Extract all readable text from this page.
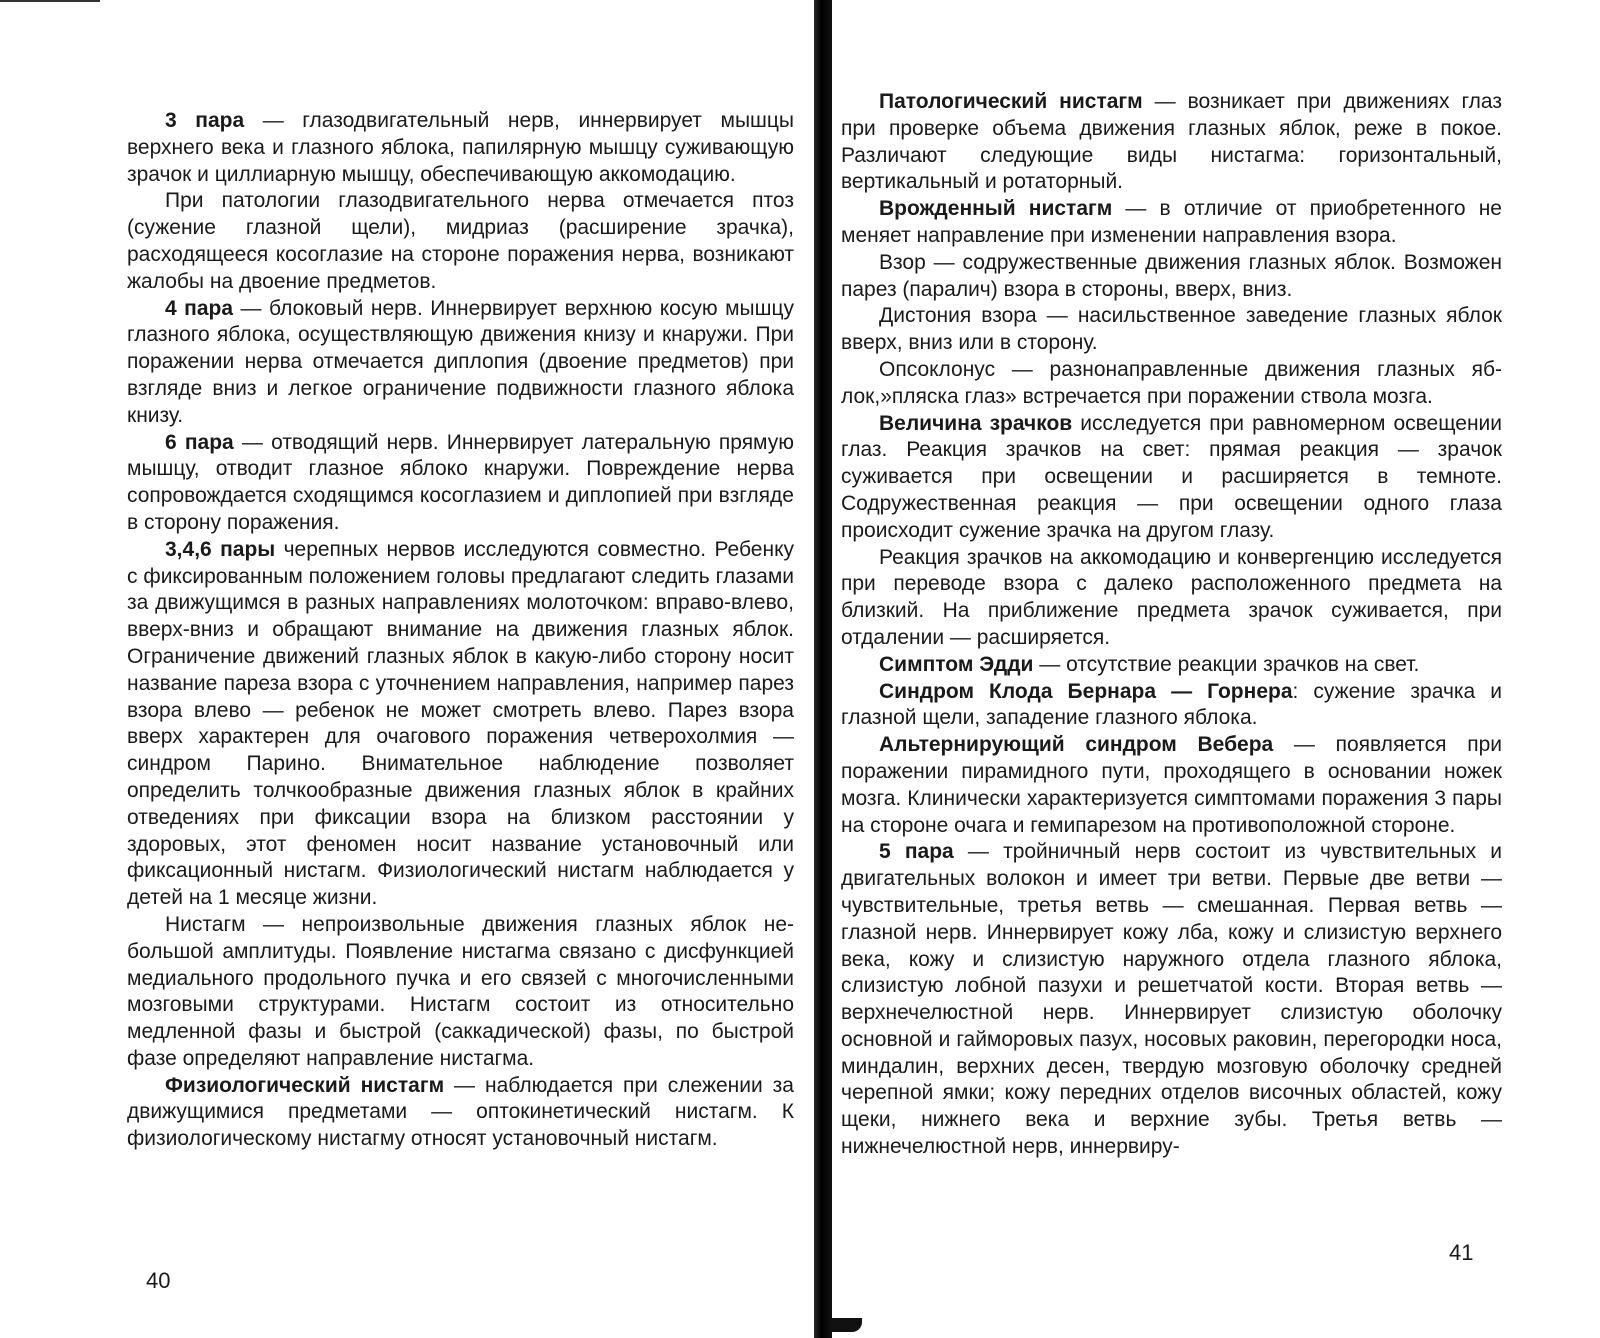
3 пара — глазодвигательный нерв, иннервирует мышцы верхнего века и глазного яблока, папилярную мышцу суживающую зрачок и циллиарную мышцу, обеспечивающую аккомодацию.

При патологии глазодвигательного нерва отмечается птоз (сужение глазной щели), мидриаз (расширение зрачка), расходящееся косоглазие на стороне поражения нерва, возникают жалобы на двоение предметов.

4 пара — блоковый нерв. Иннервирует верхнюю косую мышцу глазного яблока, осуществляющую движения книзу и кнаружи. При поражении нерва отмечается диплопия (двоение предметов) при взгляде вниз и легкое ограничение подвижности глазного яблока книзу.

6 пара — отводящий нерв. Иннервирует латеральную прямую мышцу, отводит глазное яблоко кнаружи. Повреждение нерва сопровождается сходящимся косоглазием и диплопией при взгляде в сторону поражения.

3,4,6 пары черепных нервов исследуются совместно. Ребенку с фиксированным положением головы предлагают следить глазами за движущимся в разных направлениях молоточком: вправо-влево, вверх-вниз и обращают внимание на движения глазных яблок. Ограничение движений глазных яблок в какую-либо сторону носит название пареза взора с уточнением направления, например парез взора влево — ребенок не может смотреть влево. Парез взора вверх характерен для очагового поражения четверохолмия — синдром Парино. Внимательное наблюдение позволяет определить толчкообразные движения глазных яблок в крайних отведениях при фиксации взора на близком расстоянии у здоровых, этот феномен носит название установочный или фиксационный нистагм. Физиологический нистагм наблюдается у детей на 1 месяце жизни.

Нистагм — непроизвольные движения глазных яблок небольшой амплитуды. Появление нистагма связано с дисфункцией медиального продольного пучка и его связей с многочисленными мозговыми структурами. Нистагм состоит из относительно медленной фазы и быстрой (саккадической) фазы, по быстрой фазе определяют направление нистагма.

Физиологический нистагм — наблюдается при слежении за движущимися предметами — оптокинетический нистагм. К физиологическому нистагму относят установочный нистагм.

40

Патологический нистагм — возникает при движениях глаз при проверке объема движения глазных яблок, реже в покое. Различают следующие виды нистагма: горизонтальный, вертикальный и ротаторный.

Врожденный нистагм — в отличие от приобретенного не меняет направление при изменении направления взора.

Взор — содружественные движения глазных яблок. Возможен парез (паралич) взора в стороны, вверх, вниз.

Дистония взора — насильственное заведение глазных яблок вверх, вниз или в сторону.

Опсоклонус — разнонаправленные движения глазных яблок,»пляска глаз» встречается при поражении ствола мозга.

Величина зрачков исследуется при равномерном освещении глаз. Реакция зрачков на свет: прямая реакция — зрачок суживается при освещении и расширяется в темноте. Содружественная реакция — при освещении одного глаза происходит сужение зрачка на другом глазу.

Реакция зрачков на аккомодацию и конвергенцию исследуется при переводе взора с далеко расположенного предмета на близкий. На приближение предмета зрачок суживается, при отдалении — расширяется.

Симптом Эдди — отсутствие реакции зрачков на свет.

Синдром Клода Бернара — Горнера: сужение зрачка и глазной щели, западение глазного яблока.

Альтернирующий синдром Вебера — появляется при поражении пирамидного пути, проходящего в основании ножек мозга. Клинически характеризуется симптомами поражения 3 пары на стороне очага и гемипарезом на противоположной стороне.

5 пара — тройничный нерв состоит из чувствительных и двигательных волокон и имеет три ветви. Первые две ветви — чувствительные, третья ветвь — смешанная. Первая ветвь — глазной нерв. Иннервирует кожу лба, кожу и слизистую верхнего века, кожу и слизистую наружного отдела глазного яблока, слизистую лобной пазухи и решетчатой кости. Вторая ветвь — верхнечелюстной нерв. Иннервирует слизистую оболочку основной и гайморовых пазух, носовых раковин, перегородки носа, миндалин, верхних десен, твердую мозговую оболочку средней черепной ямки; кожу передних отделов височных областей, кожу щеки, нижнего века и верхние зубы. Третья ветвь — нижнечелюстной нерв, иннервиру-

41
